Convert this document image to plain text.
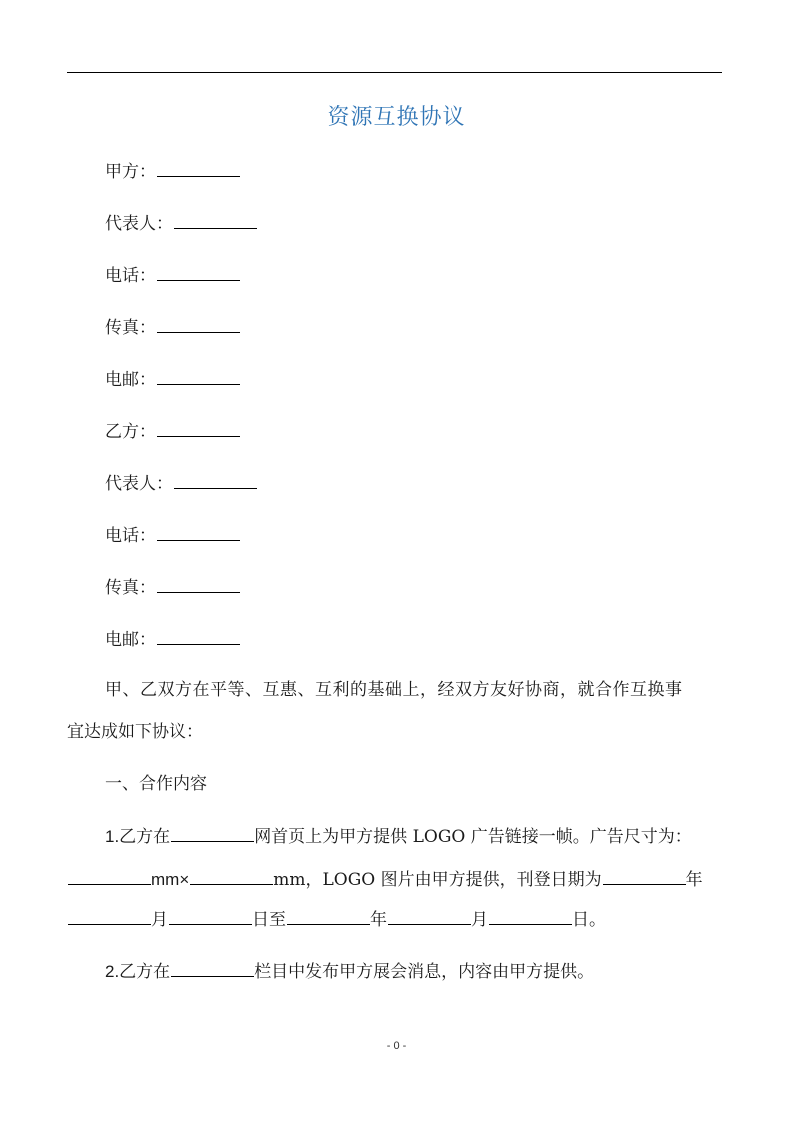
资源互换协议
甲方：
代表人：
电话：
传真：
电邮：
乙方：
代表人：
电话：
传真：
电邮：
甲、乙双方在平等、互惠、互利的基础上，经双方友好协商，就合作互换事
宜达成如下协议：
一、合作内容
1.乙方在	网首页上为甲方提供 LOGO 广告链接一帧。广告尺寸为：
mm×	mm，LOGO 图片由甲方提供，刊登日期为	年
月	日至	年	月	日。
2.乙方在	栏目中发布甲方展会消息，内容由甲方提供。
- 0 -
